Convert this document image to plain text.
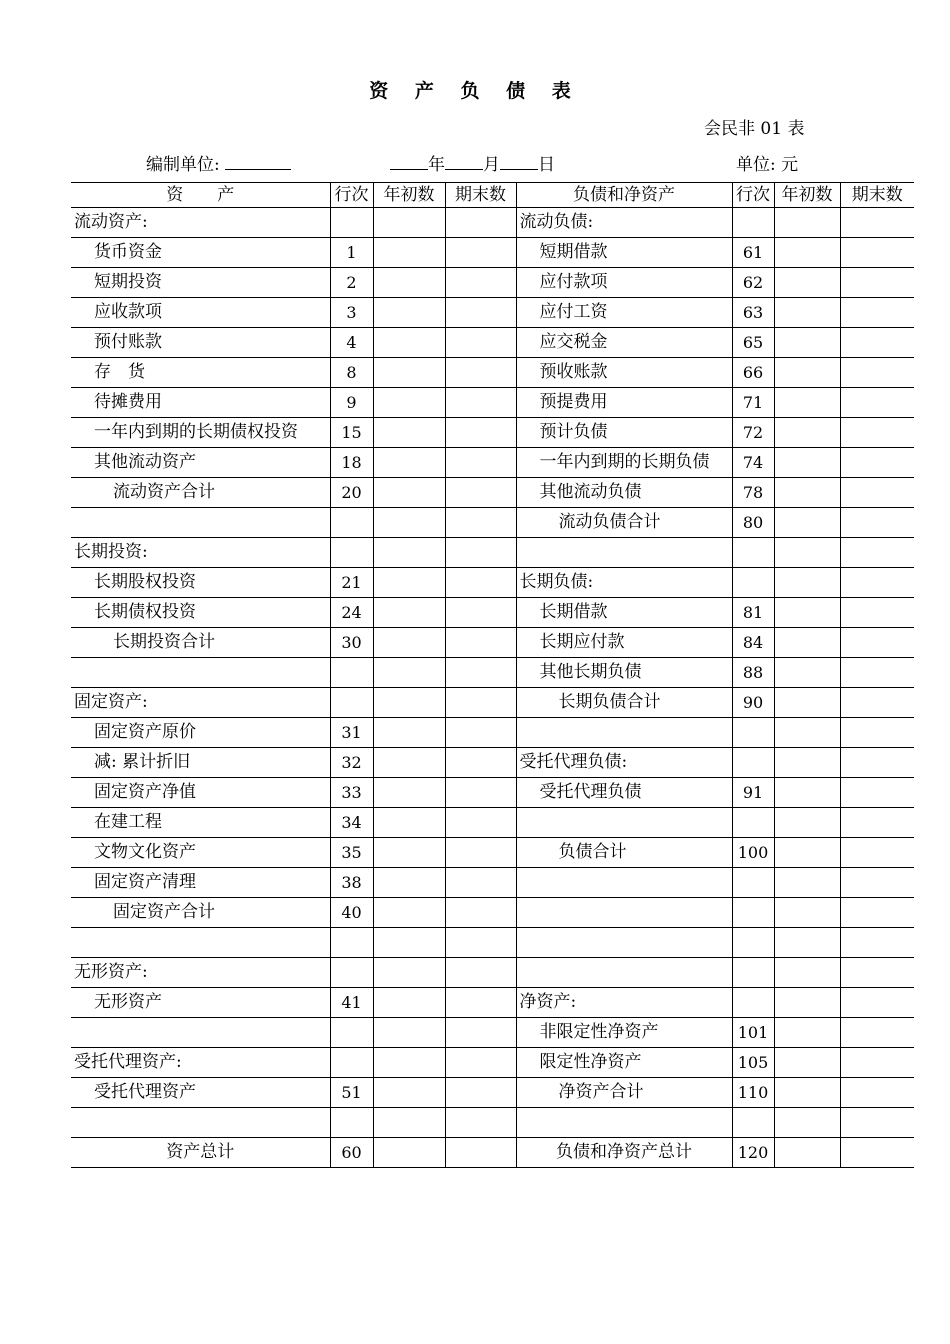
资 产 负 债 表
会民非 01 表
编制单位:	年 月 日	单位: 元
资　　产	行次	年初数	期末数	负债和净资产	行次	年初数	期末数
流动资产:				流动负债:			
货币资金	1			短期借款	61		
短期投资	2			应付款项	62		
应收款项	3			应付工资	63		
预付账款	4			应交税金	65		
存　货	8			预收账款	66		
待摊费用	9			预提费用	71		
一年内到期的长期债权投资	15			预计负债	72		
其他流动资产	18			一年内到期的长期负债	74		
流动资产合计	20			其他流动负债	78		
				流动负债合计	80		
长期投资:							
长期股权投资	21			长期负债:			
长期债权投资	24			长期借款	81		
长期投资合计	30			长期应付款	84		
				其他长期负债	88		
固定资产:				长期负债合计	90		
固定资产原价	31						
减: 累计折旧	32			受托代理负债:			
固定资产净值	33			受托代理负债	91		
在建工程	34						
文物文化资产	35			负债合计	100		
固定资产清理	38						
固定资产合计	40						

无形资产:							
无形资产	41			净资产:			
				非限定性净资产	101		
受托代理资产:				限定性净资产	105		
受托代理资产	51			净资产合计	110		

资产总计	60			负债和净资产总计	120		
